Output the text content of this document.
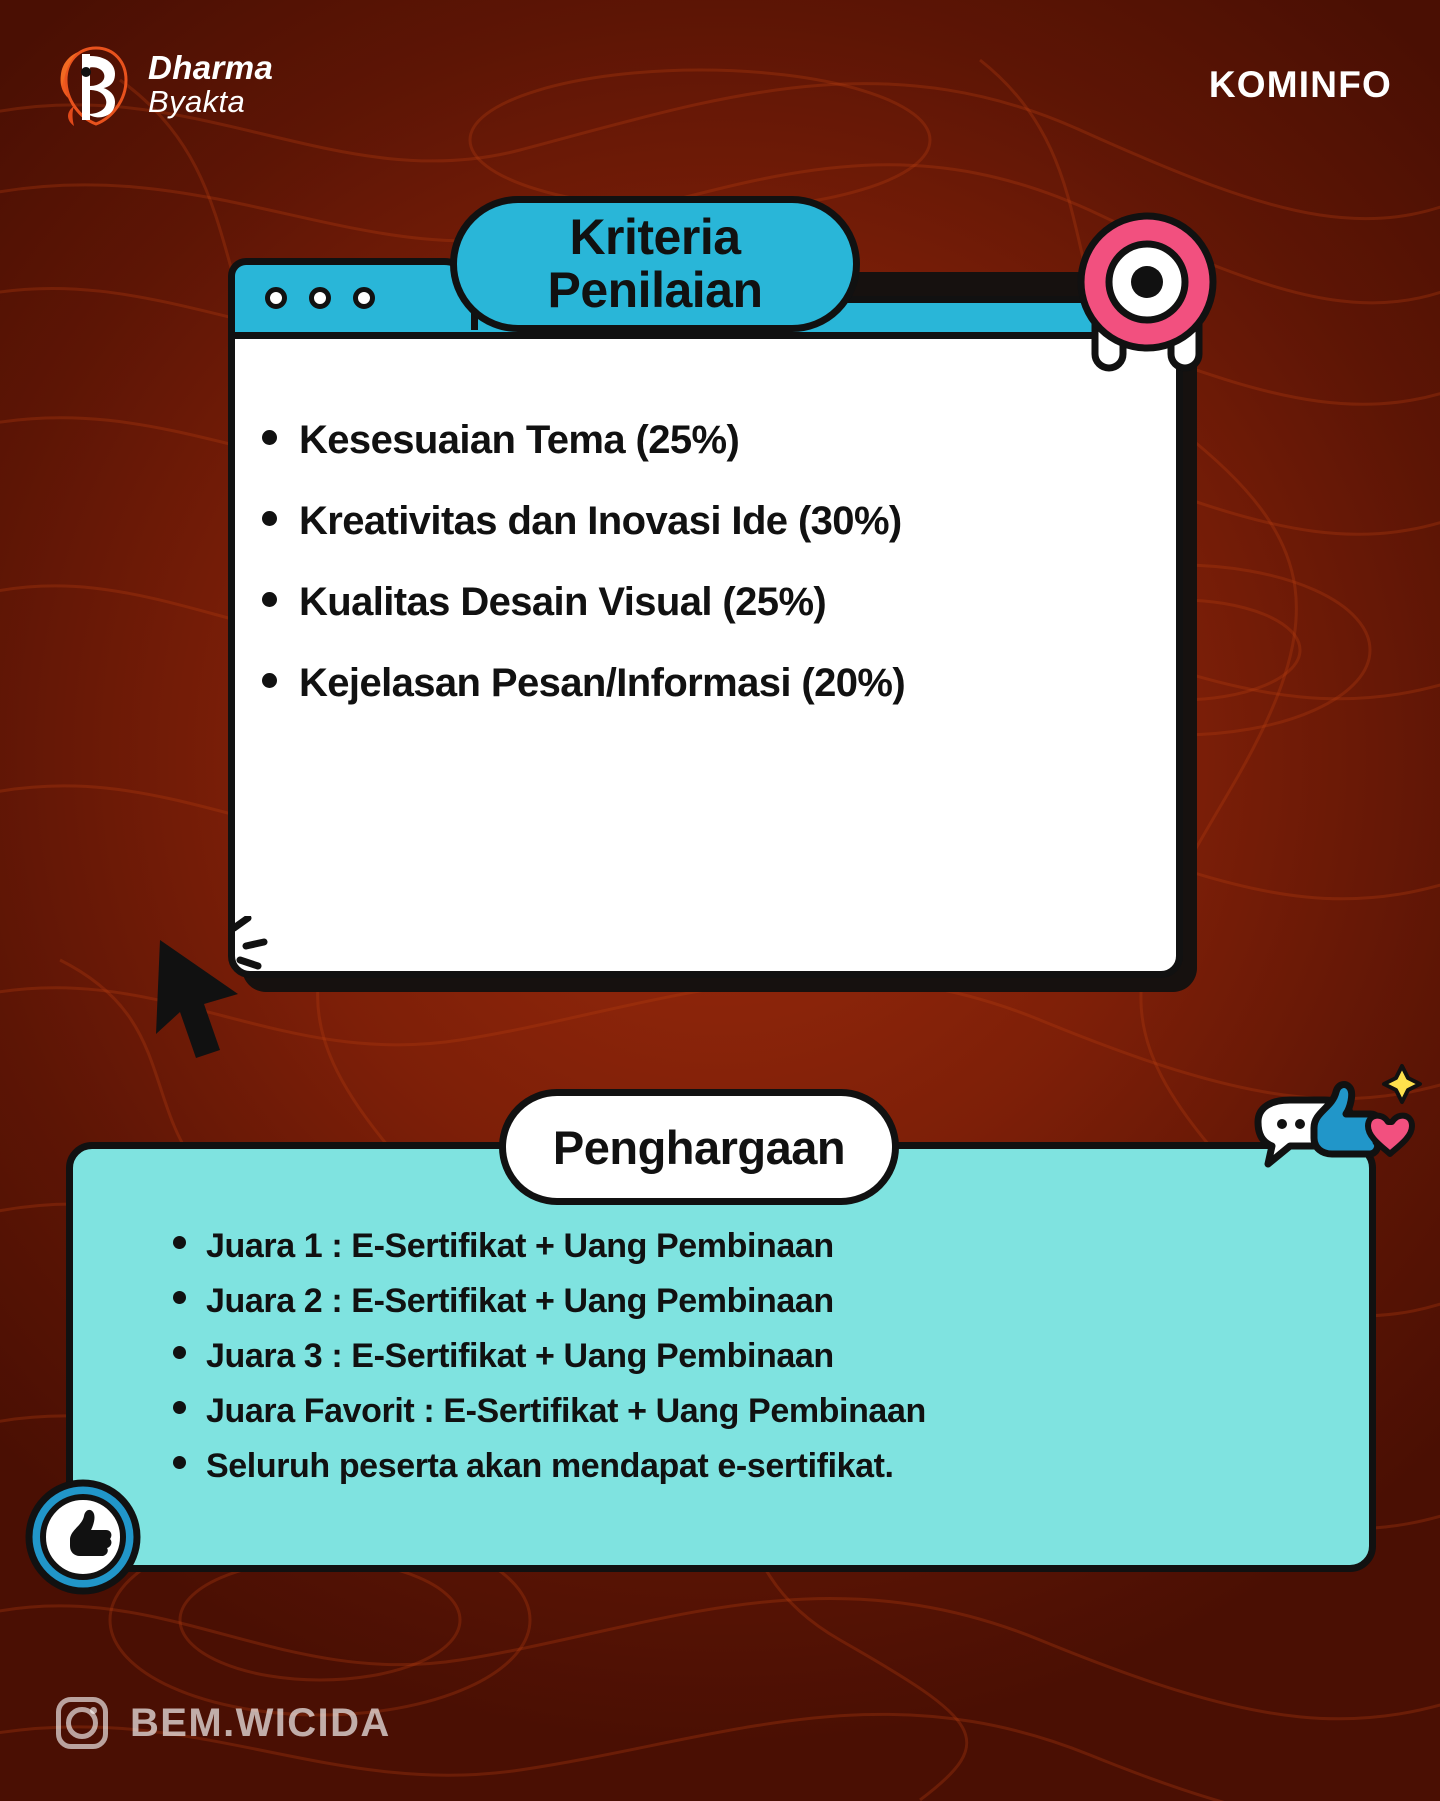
Dharma
Byakta	KOMINFO
Kriteria
Penilaian
Kesesuaian Tema (25%)
Kreativitas dan Inovasi Ide (30%)
Kualitas Desain Visual (25%)
Kejelasan Pesan/Informasi (20%)
Penghargaan
Juara 1 : E-Sertifikat + Uang Pembinaan
Juara 2 : E-Sertifikat + Uang Pembinaan
Juara 3 : E-Sertifikat + Uang Pembinaan
Juara Favorit : E-Sertifikat + Uang Pembinaan
Seluruh peserta akan mendapat e-sertifikat.
BEM.WICIDA
